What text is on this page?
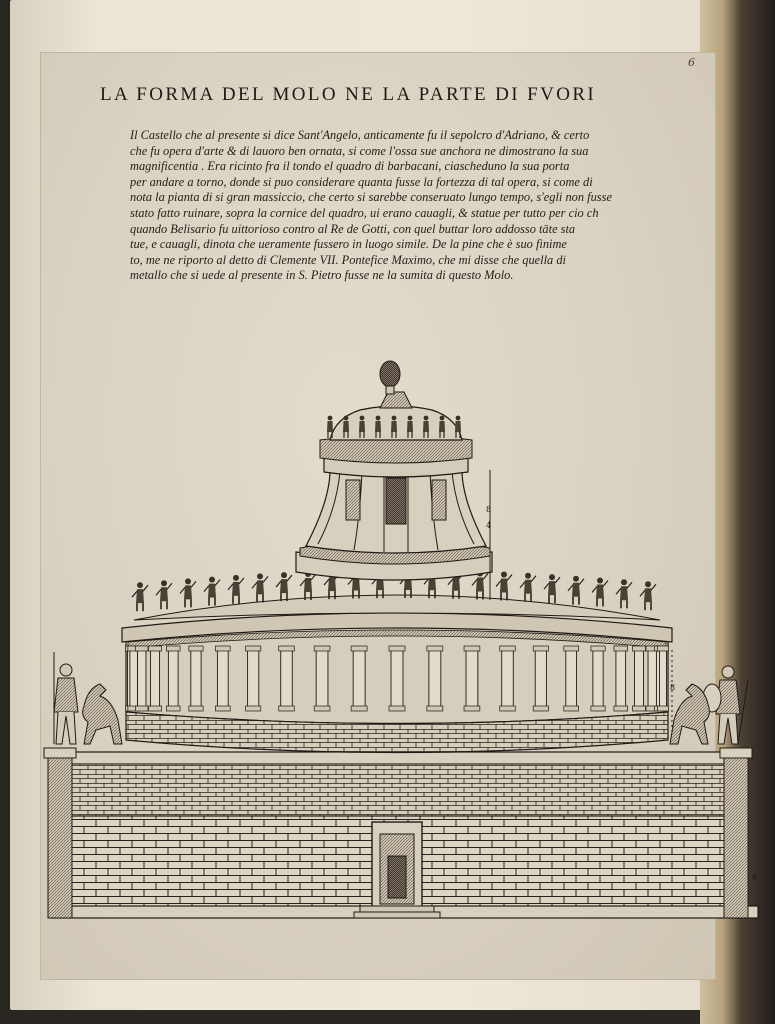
6
LA FORMA DEL MOLO NE LA PARTE DI FVORI
Il Castello che al presente si dice Sant'Angelo, anticamente fu il sepolcro d'Adriano, & certo
che fu opera d'arte & di lauoro ben ornata, si come l'ossa sue anchora ne dimostrano la sua
magnificentia . Era ricinto fra il tondo el quadro di barbacani, ciascheduno la sua porta
per andare a torno, donde si puo considerare quanta fusse la fortezza di tal opera, si come di
nota la pianta di si gran massiccio, che certo si sarebbe conseruato lungo tempo, s'egli non fusse
stato fatto ruinare, sopra la cornice del quadro, ui erano cauagli, & statue per tutto per cio ch
quando Belisario fu uittorioso contro al Re de Gotti, con quel buttar loro addosso tāte sta
tue, e cauagli, dinota che ueramente fussero in luogo simile. De la pine che è suo finime
to, me ne riporto al detto di Clemente VII. Pontefice Maximo, che mi disse che quella di
metallo che si uede al presente in S. Pietro fusse ne la sumita di questo Molo.
8
4
8
8
